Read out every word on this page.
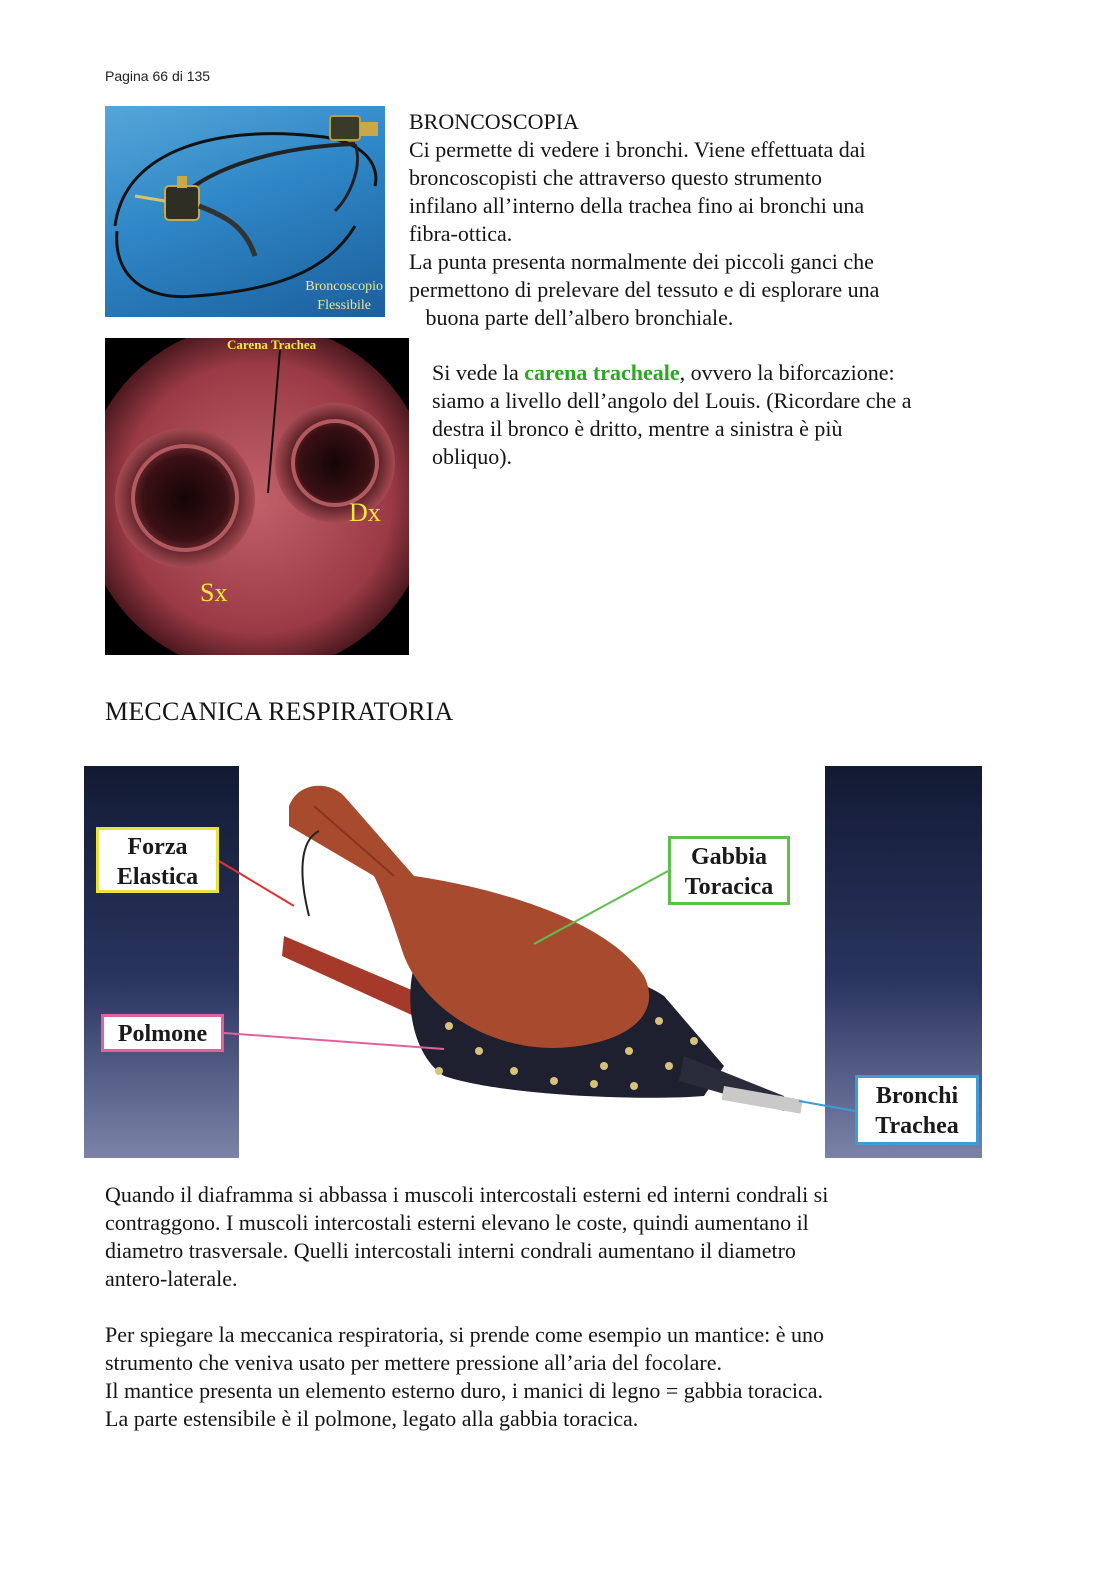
Pagina 66 di 135
Broncoscopio
Flessibile
BRONCOSCOPIA
Ci permette di vedere i bronchi. Viene effettuata dai
broncoscopisti che attraverso questo strumento
infilano all’interno della trachea fino ai bronchi una
fibra-ottica.
La punta presenta normalmente dei piccoli ganci che
permettono di prelevare del tessuto e di esplorare una
buona parte dell’albero bronchiale.
Carena Trachea
Dx
Sx
Si vede la carena tracheale, ovvero la biforcazione:
siamo a livello dell’angolo del Louis. (Ricordare che a
destra il bronco è dritto, mentre a sinistra è più
obliquo).
MECCANICA RESPIRATORIA
Forza
Elastica
Polmone
Gabbia
Toracica
Bronchi
Trachea
Quando il diaframma si abbassa i muscoli intercostali esterni ed interni condrali si
contraggono. I muscoli intercostali esterni elevano le coste, quindi aumentano il
diametro trasversale. Quelli intercostali interni condrali aumentano il diametro
antero-laterale.
Per spiegare la meccanica respiratoria, si prende come esempio un mantice: è uno
strumento che veniva usato per mettere pressione all’aria del focolare.
Il mantice presenta un elemento esterno duro, i manici di legno = gabbia toracica.
La parte estensibile è il polmone, legato alla gabbia toracica.
